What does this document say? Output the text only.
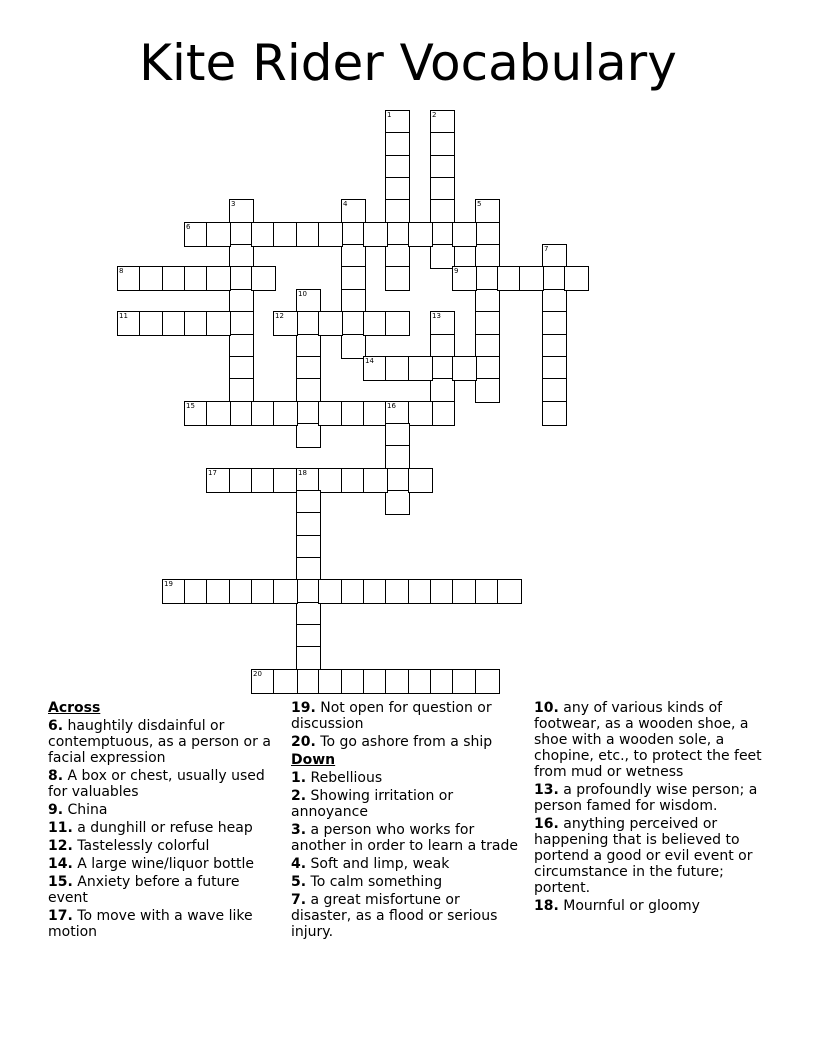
Kite Rider Vocabulary
1	2
3	4	5
6
7
8	9
10
11	12	13
14
15	16
17	18
19
20
Across
6. haughtily disdainful or contemptuous, as a person or a facial expression
8. A box or chest, usually used for valuables
9. China
11. a dunghill or refuse heap
12. Tastelessly colorful
14. A large wine/liquor bottle
15. Anxiety before a future event
17. To move with a wave like motion
19. Not open for question or discussion
20. To go ashore from a ship
Down
1. Rebellious
2. Showing irritation or annoyance
3. a person who works for another in order to learn a trade
4. Soft and limp, weak
5. To calm something
7. a great misfortune or disaster, as a flood or serious injury.
10. any of various kinds of footwear, as a wooden shoe, a shoe with a wooden sole, a chopine, etc., to protect the feet from mud or wetness
13. a profoundly wise person; a person famed for wisdom.
16. anything perceived or happening that is believed to portend a good or evil event or circumstance in the future; portent.
18. Mournful or gloomy
